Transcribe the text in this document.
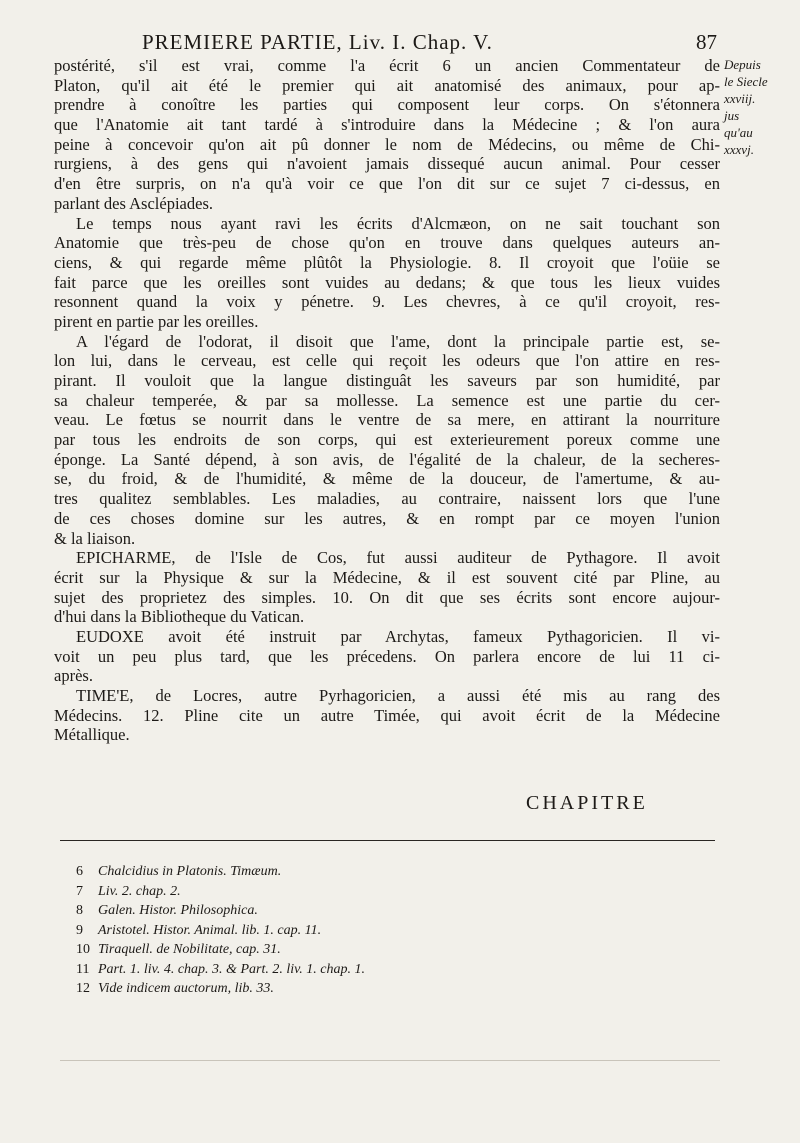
PREMIERE PARTIE, Liv. I. Chap. V.	87
Depuis
le Siecle
xxviij.
jus
qu'au
xxxvj.
postérité, s'il est vrai, comme l'a écrit 6 un ancien Commentateur de
Platon, qu'il ait été le premier qui ait anatomisé des animaux, pour ap-
prendre à conoître les parties qui composent leur corps. On s'étonnera
que l'Anatomie ait tant tardé à s'introduire dans la Médecine ; & l'on aura
peine à concevoir qu'on ait pû donner le nom de Médecins, ou même de Chi-
rurgiens, à des gens qui n'avoient jamais dissequé aucun animal. Pour cesser
d'en être surpris, on n'a qu'à voir ce que l'on dit sur ce sujet 7 ci-dessus, en
parlant des Asclépiades.
Le temps nous ayant ravi les écrits d'Alcmæon, on ne sait touchant son
Anatomie que très-peu de chose qu'on en trouve dans quelques auteurs an-
ciens, & qui regarde même plûtôt la Physiologie. 8. Il croyoit que l'oüie se
fait parce que les oreilles sont vuides au dedans; & que tous les lieux vuides
resonnent quand la voix y pénetre. 9. Les chevres, à ce qu'il croyoit, res-
pirent en partie par les oreilles.
A l'égard de l'odorat, il disoit que l'ame, dont la principale partie est, se-
lon lui, dans le cerveau, est celle qui reçoit les odeurs que l'on attire en res-
pirant. Il vouloit que la langue distinguât les saveurs par son humidité, par
sa chaleur temperée, & par sa mollesse. La semence est une partie du cer-
veau. Le fœtus se nourrit dans le ventre de sa mere, en attirant la nourriture
par tous les endroits de son corps, qui est exterieurement poreux comme une
éponge. La Santé dépend, à son avis, de l'égalité de la chaleur, de la secheres-
se, du froid, & de l'humidité, & même de la douceur, de l'amertume, & au-
tres qualitez semblables. Les maladies, au contraire, naissent lors que l'une
de ces choses domine sur les autres, & en rompt par ce moyen l'union
& la liaison.
EPICHARME, de l'Isle de Cos, fut aussi auditeur de Pythagore. Il avoit
écrit sur la Physique & sur la Médecine, & il est souvent cité par Pline, au
sujet des proprietez des simples. 10. On dit que ses écrits sont encore aujour-
d'hui dans la Bibliotheque du Vatican.
EUDOXE avoit été instruit par Archytas, fameux Pythagoricien. Il vi-
voit un peu plus tard, que les précedens. On parlera encore de lui 11 ci-
après.
TIME'E, de Locres, autre Pyrhagoricien, a aussi été mis au rang des
Médecins. 12. Pline cite un autre Timée, qui avoit écrit de la Médecine
Métallique.
CHAPITRE
6 Chalcidius in Platonis. Timæum.
7 Liv. 2. chap. 2.
8 Galen. Histor. Philosophica.
9 Aristotel. Histor. Animal. lib. 1. cap. 11.
10 Tiraquell. de Nobilitate, cap. 31.
11 Part. 1. liv. 4. chap. 3. & Part. 2. liv. 1. chap. 1.
12 Vide indicem auctorum, lib. 33.
